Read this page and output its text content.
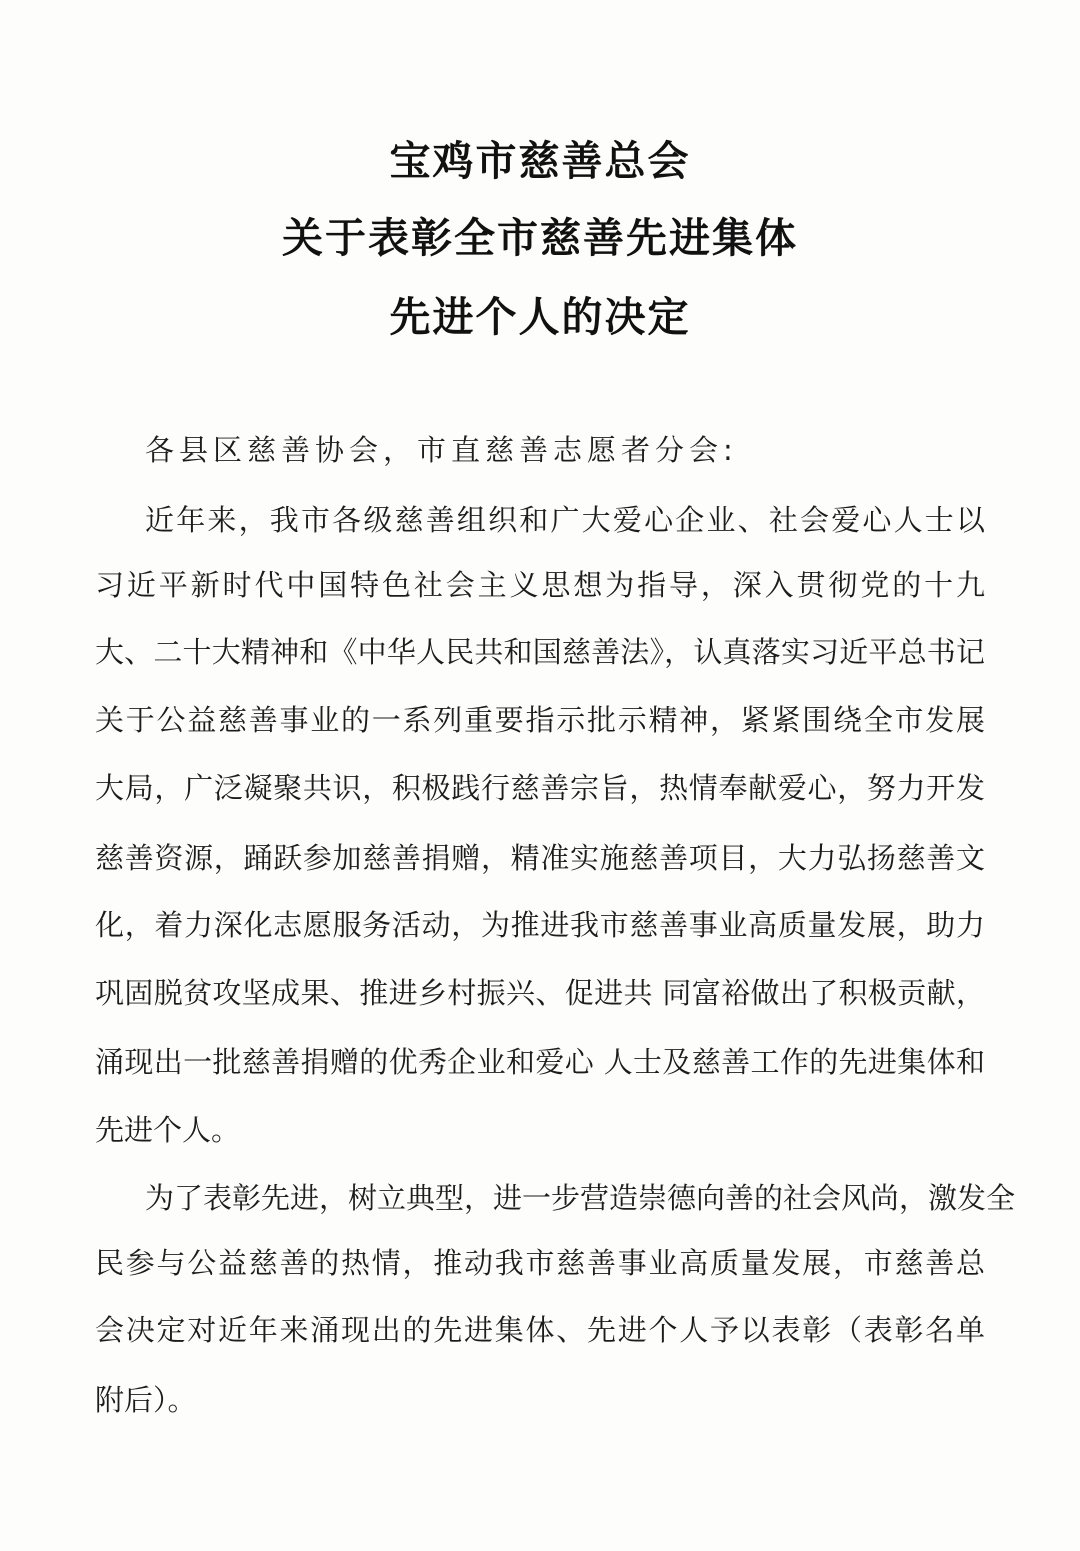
宝鸡市慈善总会
关于表彰全市慈善先进集体
先进个人的决定
各县区慈善协会，市直慈善志愿者分会:
近年来，我市各级慈善组织和广大爱心企业、社会爱心人士以
习近平新时代中国特色社会主义思想为指导，深入贯彻党的十九
大、二十大精神和《中华人民共和国慈善法》，认真落实习近平总书记
关于公益慈善事业的一系列重要指示批示精神，紧紧围绕全市发展
大局，广泛凝聚共识，积极践行慈善宗旨，热情奉献爱心，努力开发
慈善资源，踊跃参加慈善捐赠，精准实施慈善项目，大力弘扬慈善文
化，着力深化志愿服务活动，为推进我市慈善事业高质量发展，助力
巩固脱贫攻坚成果、推进乡村振兴、促进共 同富裕做出了积极贡献，
涌现出一批慈善捐赠的优秀企业和爱心 人士及慈善工作的先进集体和
先进个人。
为了表彰先进，树立典型，进一步营造崇德向善的社会风尚，激发全
民参与公益慈善的热情，推动我市慈善事业高质量发展，市慈善总
会决定对近年来涌现出的先进集体、先进个人予以表彰（表彰名单
附后）。
